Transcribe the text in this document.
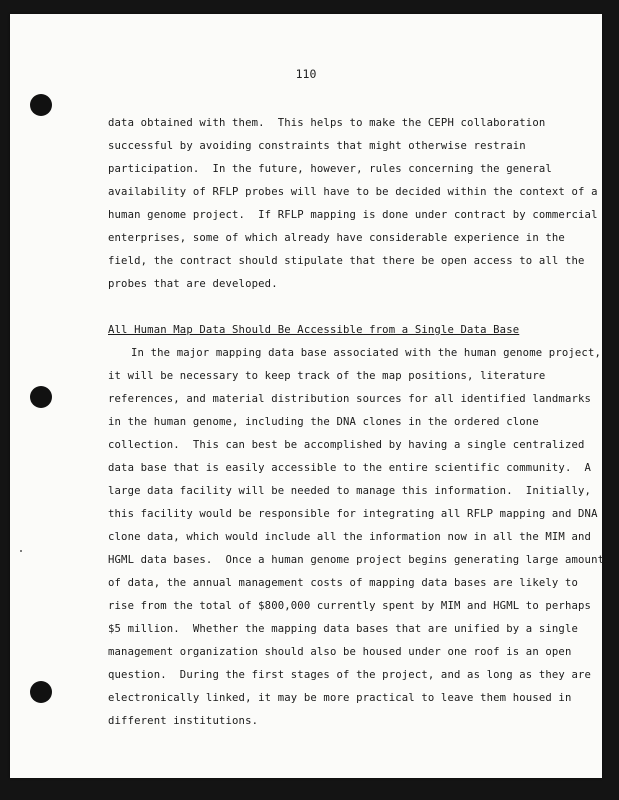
110
data obtained with them.  This helps to make the CEPH collaboration
successful by avoiding constraints that might otherwise restrain
participation.  In the future, however, rules concerning the general
availability of RFLP probes will have to be decided within the context of a
human genome project.  If RFLP mapping is done under contract by commercial
enterprises, some of which already have considerable experience in the
field, the contract should stipulate that there be open access to all the
probes that are developed.
All Human Map Data Should Be Accessible from a Single Data Base
In the major mapping data base associated with the human genome project,
it will be necessary to keep track of the map positions, literature
references, and material distribution sources for all identified landmarks
in the human genome, including the DNA clones in the ordered clone
collection.  This can best be accomplished by having a single centralized
data base that is easily accessible to the entire scientific community.  A
large data facility will be needed to manage this information.  Initially,
this facility would be responsible for integrating all RFLP mapping and DNA
clone data, which would include all the information now in all the MIM and
HGML data bases.  Once a human genome project begins generating large amount
of data, the annual management costs of mapping data bases are likely to
rise from the total of $800,000 currently spent by MIM and HGML to perhaps
$5 million.  Whether the mapping data bases that are unified by a single
management organization should also be housed under one roof is an open
question.  During the first stages of the project, and as long as they are
electronically linked, it may be more practical to leave them housed in
different institutions.
